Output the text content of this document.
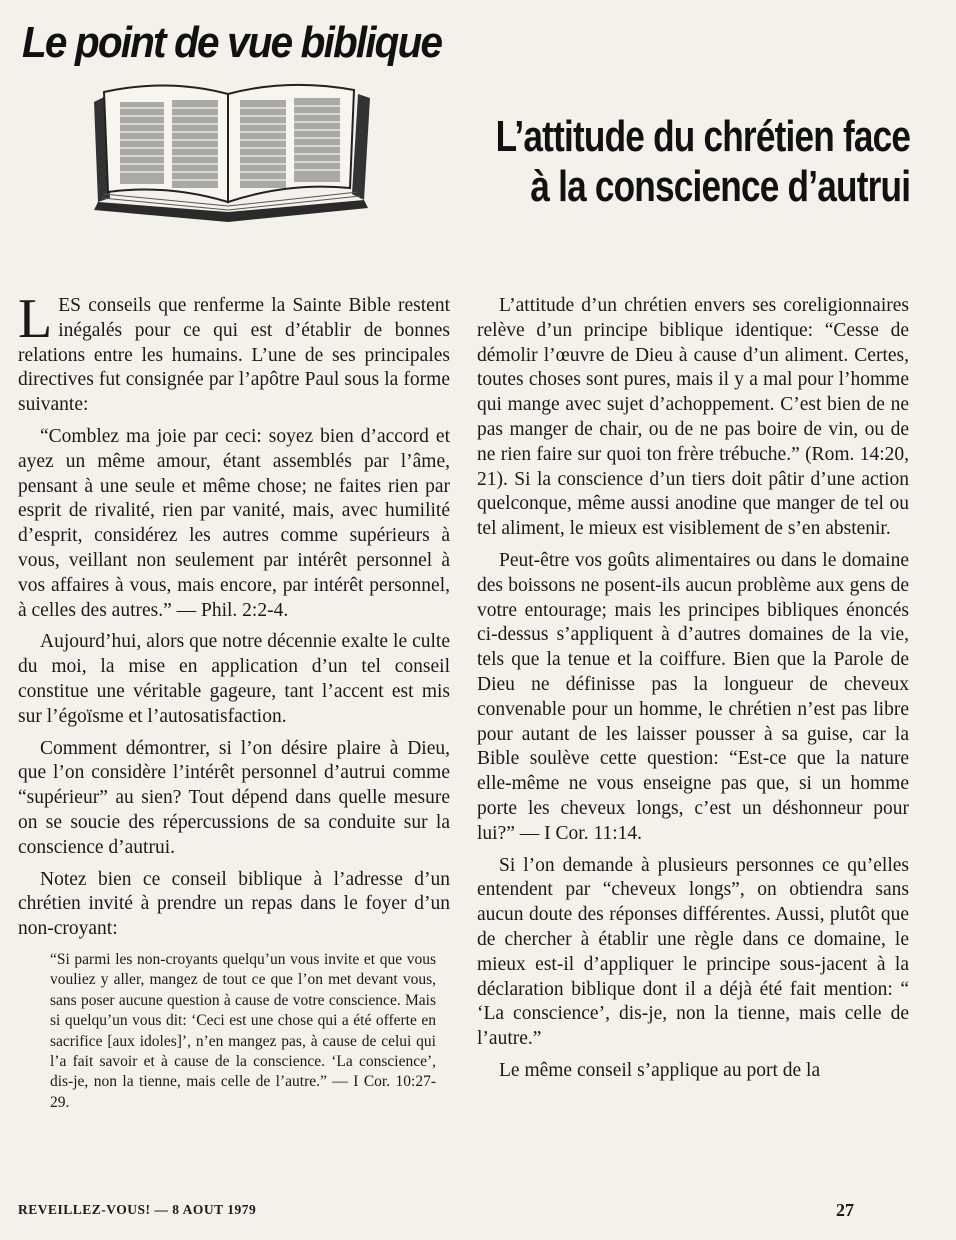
Le point de vue biblique
L’attitude du chrétien face
à la conscience d’autrui

LES conseils que renferme la Sainte Bible restent inégalés pour ce qui est d’établir de bonnes relations entre les humains. L’une de ses principales directives fut consignée par l’apôtre Paul sous la forme suivante:

“Comblez ma joie par ceci: soyez bien d’accord et ayez un même amour, étant assemblés par l’âme, pensant à une seule et même chose; ne faites rien par esprit de rivalité, rien par vanité, mais, avec humilité d’esprit, considérez les autres comme supérieurs à vous, veillant non seulement par intérêt personnel à vos affaires à vous, mais encore, par intérêt personnel, à celles des autres.” — Phil. 2:2-4.

Aujourd’hui, alors que notre décennie exalte le culte du moi, la mise en application d’un tel conseil constitue une véritable gageure, tant l’accent est mis sur l’égoïsme et l’autosatisfaction.

Comment démontrer, si l’on désire plaire à Dieu, que l’on considère l’intérêt personnel d’autrui comme “supérieur” au sien? Tout dépend dans quelle mesure on se soucie des répercussions de sa conduite sur la conscience d’autrui.

Notez bien ce conseil biblique à l’adresse d’un chrétien invité à prendre un repas dans le foyer d’un non-croyant:

“Si parmi les non-croyants quelqu’un vous invite et que vous vouliez y aller, mangez de tout ce que l’on met devant vous, sans poser aucune question à cause de votre conscience. Mais si quelqu’un vous dit: ‘Ceci est une chose qui a été offerte en sacrifice [aux idoles]’, n’en mangez pas, à cause de celui qui l’a fait savoir et à cause de la conscience. ‘La conscience’, dis-je, non la tienne, mais celle de l’autre.” — I Cor. 10:27-29.

L’attitude d’un chrétien envers ses coreligionnaires relève d’un principe biblique identique: “Cesse de démolir l’œuvre de Dieu à cause d’un aliment. Certes, toutes choses sont pures, mais il y a mal pour l’homme qui mange avec sujet d’achoppement. C’est bien de ne pas manger de chair, ou de ne pas boire de vin, ou de ne rien faire sur quoi ton frère trébuche.” (Rom. 14:20, 21). Si la conscience d’un tiers doit pâtir d’une action quelconque, même aussi anodine que manger de tel ou tel aliment, le mieux est visiblement de s’en abstenir.

Peut-être vos goûts alimentaires ou dans le domaine des boissons ne posent-ils aucun problème aux gens de votre entourage; mais les principes bibliques énoncés ci-dessus s’appliquent à d’autres domaines de la vie, tels que la tenue et la coiffure. Bien que la Parole de Dieu ne définisse pas la longueur de cheveux convenable pour un homme, le chrétien n’est pas libre pour autant de les laisser pousser à sa guise, car la Bible soulève cette question: “Est-ce que la nature elle-même ne vous enseigne pas que, si un homme porte les cheveux longs, c’est un déshonneur pour lui?” — I Cor. 11:14.

Si l’on demande à plusieurs personnes ce qu’elles entendent par “cheveux longs”, on obtiendra sans aucun doute des réponses différentes. Aussi, plutôt que de chercher à établir une règle dans ce domaine, le mieux est-il d’appliquer le principe sous-jacent à la déclaration biblique dont il a déjà été fait mention: “ ‘La conscience’, dis-je, non la tienne, mais celle de l’autre.”

Le même conseil s’applique au port de la

REVEILLEZ-VOUS! — 8 AOUT 1979	27
